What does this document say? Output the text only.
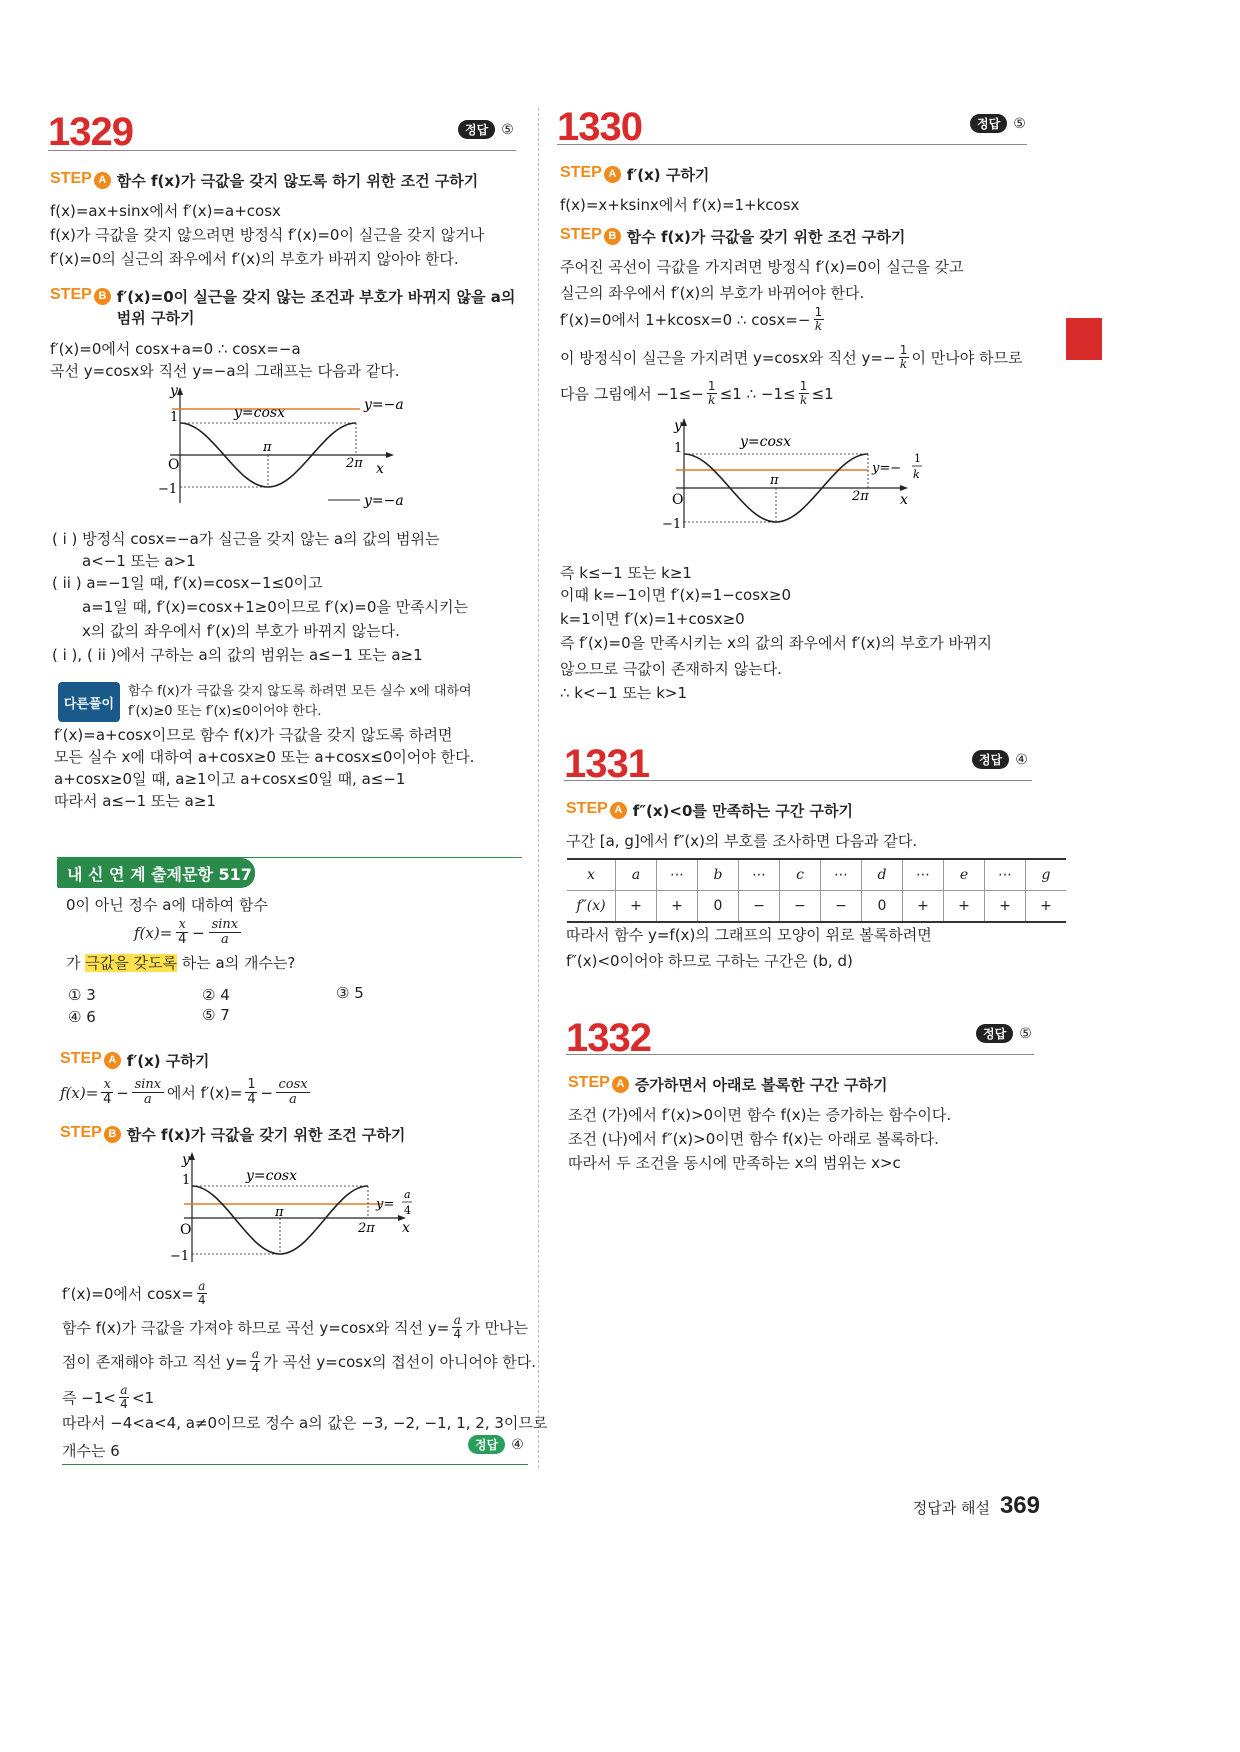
1329	정답 ⑤
STEP A 함수 f(x)가 극값을 갖지 않도록 하기 위한 조건 구하기
f(x)=ax+sinx에서 f′(x)=a+cosx
f(x)가 극값을 갖지 않으려면 방정식 f′(x)=0이 실근을 갖지 않거나
f′(x)=0의 실근의 좌우에서 f′(x)의 부호가 바뀌지 않아야 한다.
STEP B f′(x)=0이 실근을 갖지 않는 조건과 부호가 바뀌지 않을 a의
범위 구하기
f′(x)=0에서 cosx+a=0 ∴ cosx=−a
곡선 y=cosx와 직선 y=−a의 그래프는 다음과 같다.
y
x
O
1
−1
π
2π
y=cosx	y=−a
y=−a
( i ) 방정식 cosx=−a가 실근을 갖지 않는 a의 값의 범위는
a<−1 또는 a>1
( ii ) a=−1일 때, f′(x)=cosx−1≤0이고
a=1일 때, f′(x)=cosx+1≥0이므로 f′(x)=0을 만족시키는
x의 값의 좌우에서 f′(x)의 부호가 바뀌지 않는다.
( i ), ( ii )에서 구하는 a의 값의 범위는 a≤−1 또는 a≥1
다른풀이
함수 f(x)가 극값을 갖지 않도록 하려면 모든 실수 x에 대하여
f′(x)≥0 또는 f′(x)≤0이어야 한다.
f′(x)=a+cosx이므로 함수 f(x)가 극값을 갖지 않도록 하려면
모든 실수 x에 대하여 a+cosx≥0 또는 a+cosx≤0이어야 한다.
a+cosx≥0일 때, a≥1이고 a+cosx≤0일 때, a≤−1
따라서 a≤−1 또는 a≥1
내 신 연 계 출제문항 517
0이 아닌 정수 a에 대하여 함수
f(x)= x
4 − sinx
a
가 극값을 갖도록 하는 a의 개수는?
① 3	② 4	③ 5
④ 6	⑤ 7
STEP A f′(x) 구하기
f(x)= x
4 − sinx
a 에서 f′(x)= 1
4 − cosx
a
STEP B 함수 f(x)가 극값을 갖기 위한 조건 구하기
y
x
O
1
−1
π
2π
y=cosx
y=
a
4
f′(x)=0에서 cosx= a
4
함수 f(x)가 극값을 가져야 하므로 곡선 y=cosx와 직선 y= a
4 가 만나는
점이 존재해야 하고 직선 y= a
4 가 곡선 y=cosx의 접선이 아니어야 한다.
즉 −1< a
4 <1
따라서 −4<a<4, a≠0이므로 정수 a의 값은 −3, −2, −1, 1, 2, 3이므로
개수는 6	정답 ④
1330	정답 ⑤
STEP A f′(x) 구하기
f(x)=x+ksinx에서 f′(x)=1+kcosx
STEP B 함수 f(x)가 극값을 갖기 위한 조건 구하기
주어진 곡선이 극값을 가지려면 방정식 f′(x)=0이 실근을 갖고
실근의 좌우에서 f′(x)의 부호가 바뀌어야 한다.
f′(x)=0에서 1+kcosx=0 ∴ cosx=− 1
k
이 방정식이 실근을 가지려면 y=cosx와 직선 y=− 1
k 이 만나야 하므로
다음 그림에서 −1≤− 1
k ≤1 ∴ −1≤ 1
k ≤1
y
x
O
1
−1
π
2π
y=cosx
y=−
1
k
즉 k≤−1 또는 k≥1
이때 k=−1이면 f′(x)=1−cosx≥0
k=1이면 f′(x)=1+cosx≥0
즉 f′(x)=0을 만족시키는 x의 값의 좌우에서 f′(x)의 부호가 바뀌지
않으므로 극값이 존재하지 않는다.
∴ k<−1 또는 k>1
1331	정답 ④
STEP A f″(x)<0를 만족하는 구간 구하기
구간 [a, g]에서 f″(x)의 부호를 조사하면 다음과 같다.
x	a	⋯	b	⋯	c	⋯	d	⋯	e	⋯	g
f″(x)	+	+	0	−	−	−	0	+	+	+	+
따라서 함수 y=f(x)의 그래프의 모양이 위로 볼록하려면
f″(x)<0이어야 하므로 구하는 구간은 (b, d)
1332	정답 ⑤
STEP A 증가하면서 아래로 볼록한 구간 구하기
조건 (가)에서 f′(x)>0이면 함수 f(x)는 증가하는 함수이다.
조건 (나)에서 f″(x)>0이면 함수 f(x)는 아래로 볼록하다.
따라서 두 조건을 동시에 만족하는 x의 범위는 x>c
정답과 해설 369
